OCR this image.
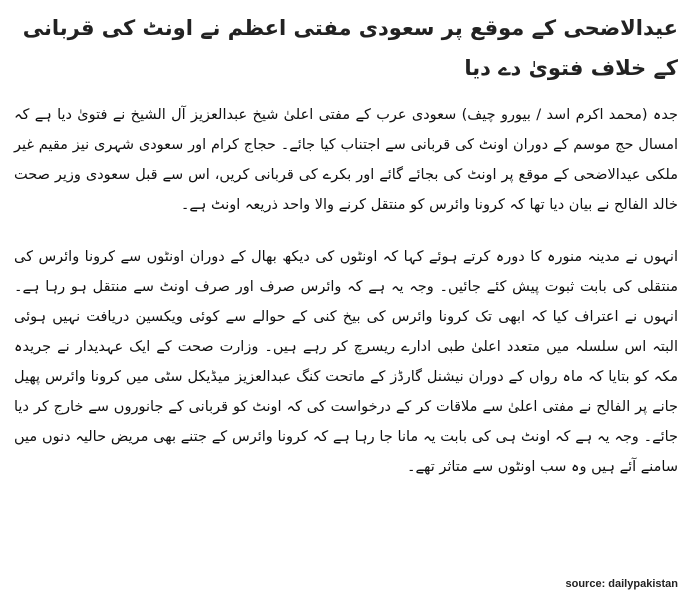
عیدالاضحی کے موقع پر سعودی مفتی اعظم نے اونٹ کی قربانی کے خلاف فتویٰ دے دیا

جدہ (محمد اکرم اسد / بیورو چیف) سعودی عرب کے مفتی اعلیٰ شیخ عبدالعزیز آل الشیخ نے فتویٰ دیا ہے کہ امسال حج موسم کے دوران اونٹ کی قربانی سے اجتناب کیا جائے۔ حجاج کرام اور سعودی شہری نیز مقیم غیر ملکی عیدالاضحی کے موقع پر اونٹ کی بجائے گائے اور بکرے کی قربانی کریں، اس سے قبل سعودی وزیر صحت خالد الفالح نے بیان دیا تھا کہ کرونا وائرس کو منتقل کرنے والا واحد ذریعہ اونٹ ہے۔

انہوں نے مدینہ منورہ کا دورہ کرتے ہوئے کہا کہ اونٹوں کی دیکھ بھال کے دوران اونٹوں سے کرونا وائرس کی منتقلی کی بابت ثبوت پیش کئے جائیں۔ وجہ یہ ہے کہ وائرس صرف اور صرف اونٹ سے منتقل ہو رہا ہے۔ انہوں نے اعتراف کیا کہ ابھی تک کرونا وائرس کی بیخ کنی کے حوالے سے کوئی ویکسین دریافت نہیں ہوئی البتہ اس سلسلہ میں متعدد اعلیٰ طبی ادارے ریسرچ کر رہے ہیں۔ وزارت صحت کے ایک عہدیدار نے جریدہ مکہ کو بتایا کہ ماہ رواں کے دوران نیشنل گارڈز کے ماتحت کنگ عبدالعزیز میڈیکل سٹی میں کرونا وائرس پھیل جانے پر الفالح نے مفتی اعلیٰ سے ملاقات کر کے درخواست کی کہ اونٹ کو قربانی کے جانوروں سے خارج کر دیا جائے۔ وجہ یہ ہے کہ اونٹ ہی کی بابت یہ مانا جا رہا ہے کہ کرونا وائرس کے جتنے بھی مریض حالیہ دنوں میں سامنے آئے ہیں وہ سب اونٹوں سے متاثر تھے۔

source: dailypakistan
